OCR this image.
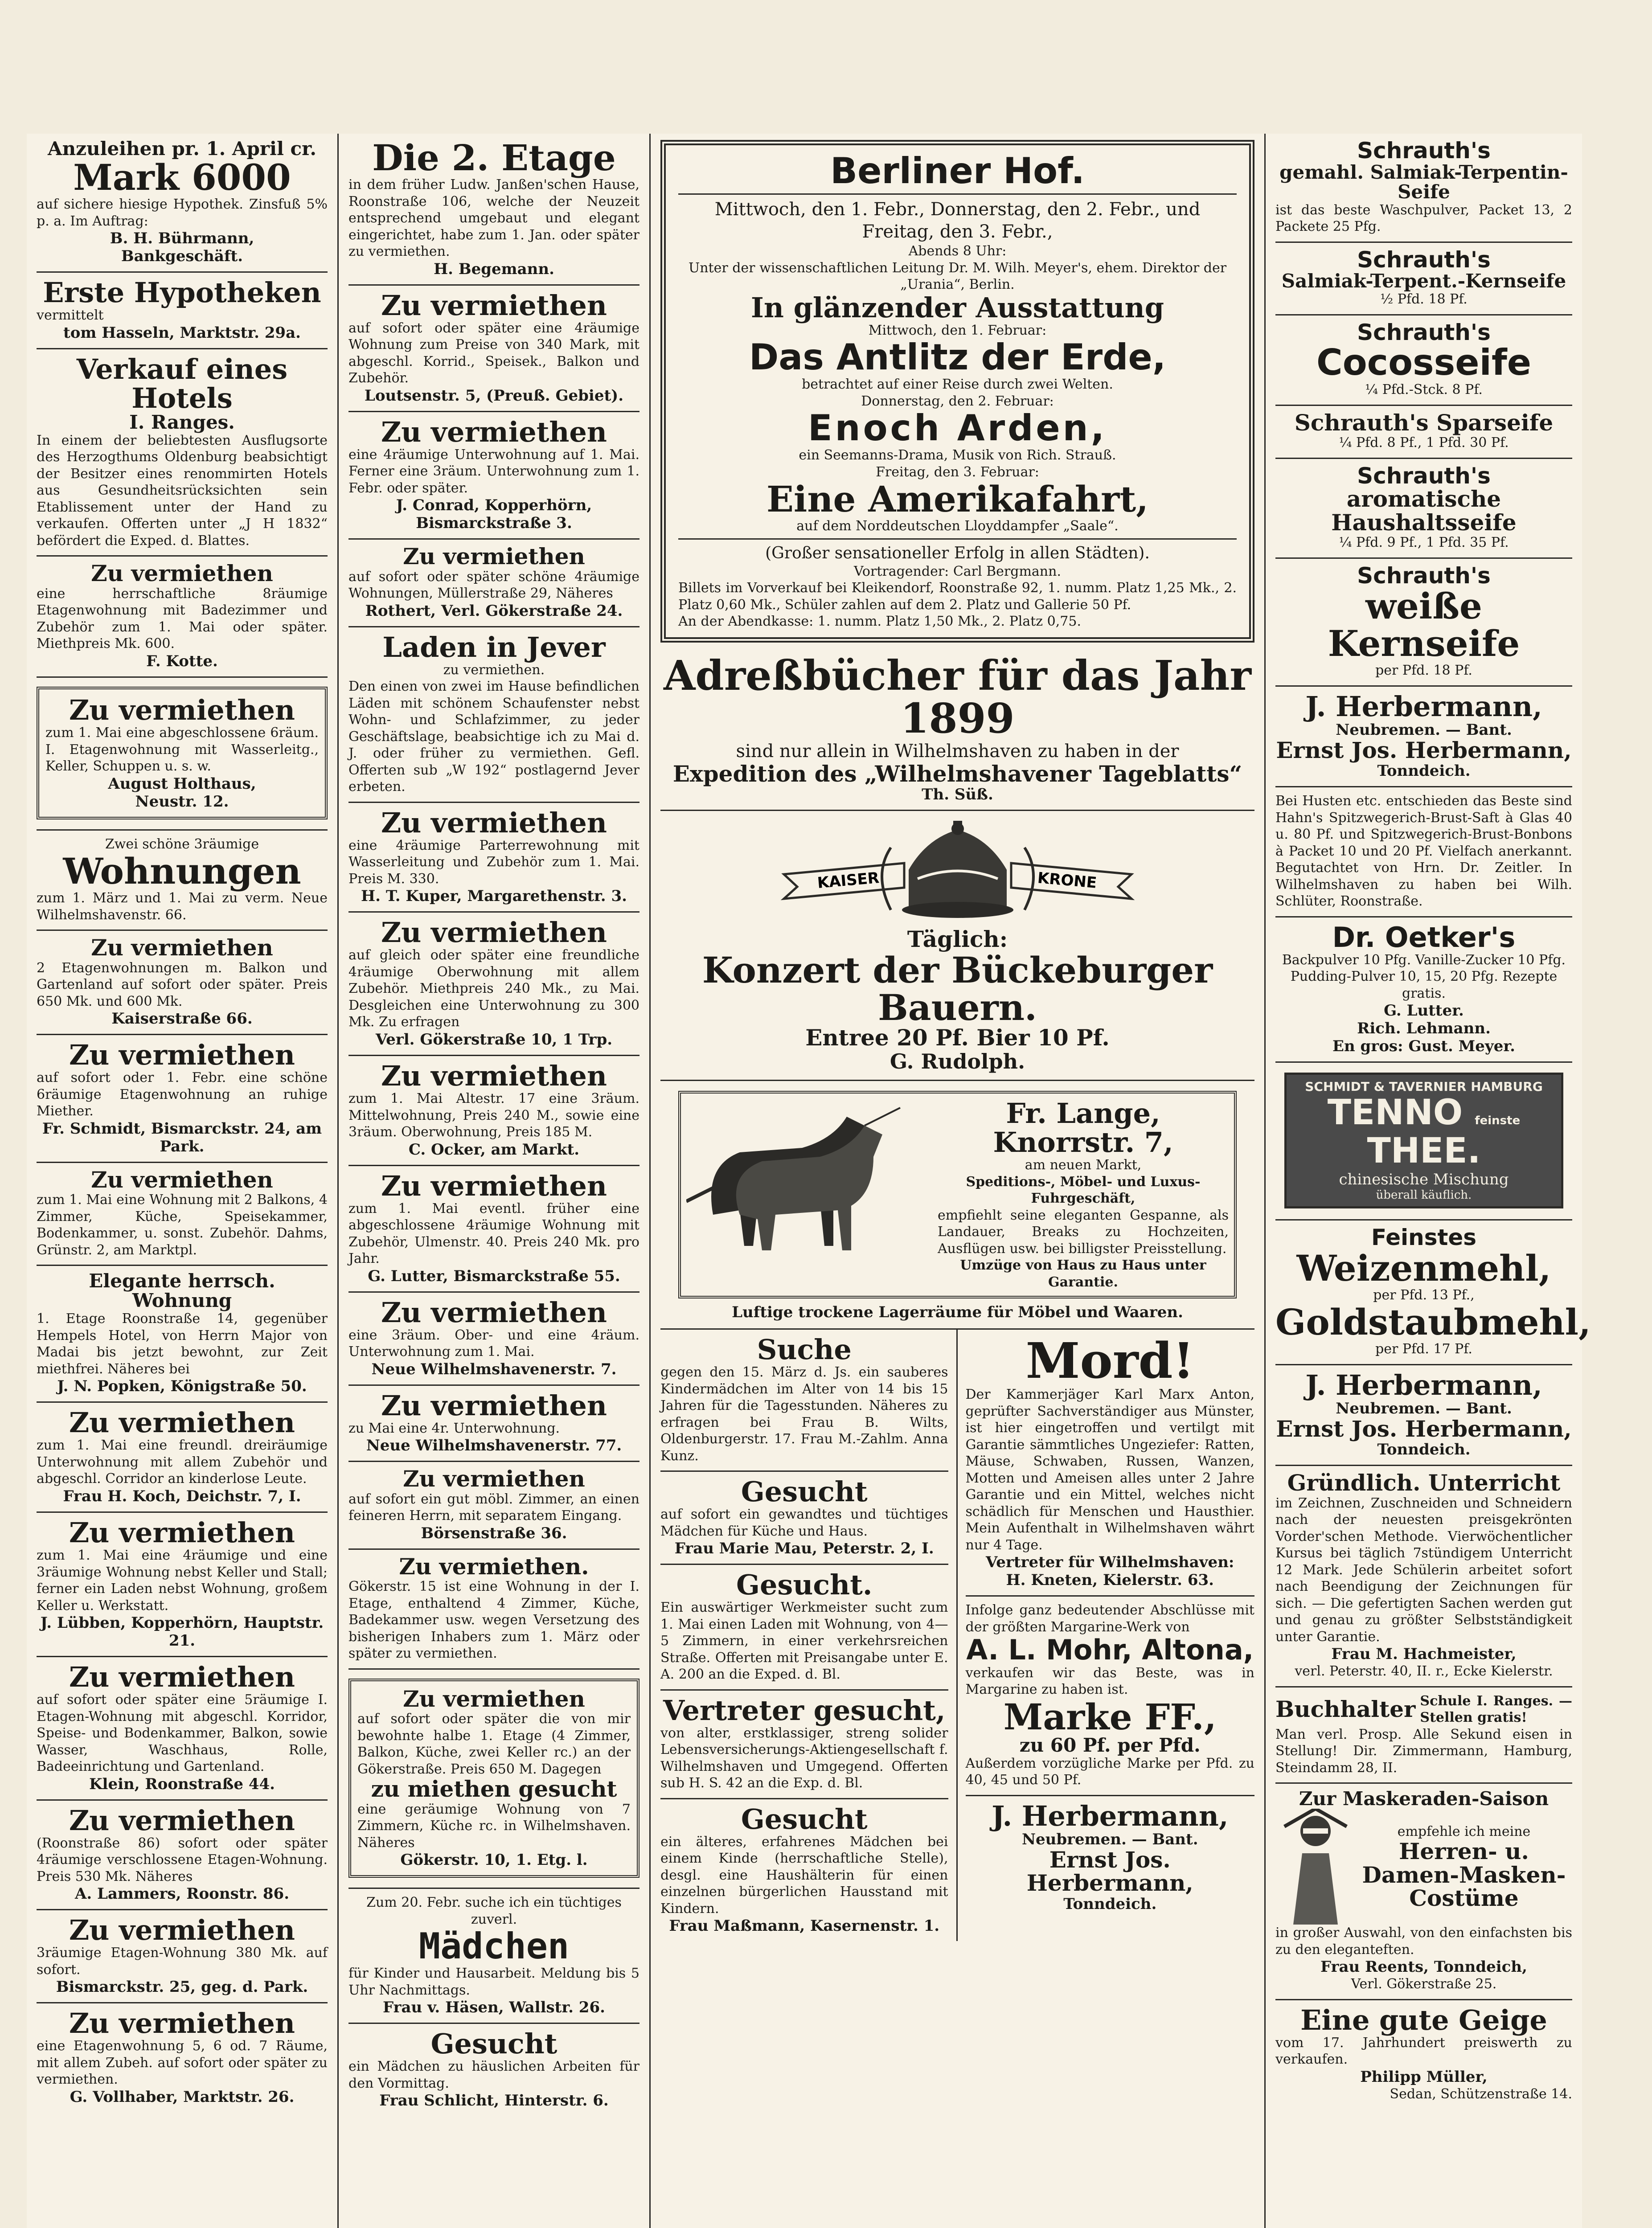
Anzuleihen pr. 1. April cr.
Mark 6000
auf sichere hiesige Hypothek. Zinsfuß 5% p. a. Im Auftrag:
B. H. Bührmann,
Bankgeschäft.
Erste Hypotheken
vermittelt
tom Hasseln, Marktstr. 29a.
Verkauf eines Hotels
I. Ranges.
In einem der beliebtesten Ausflugsorte des Herzogthums Oldenburg beabsichtigt der Besitzer eines renommirten Hotels aus Gesundheitsrücksichten sein Etablissement unter der Hand zu verkaufen. Offerten unter „J H 1832“ befördert die Exped. d. Blattes.
Zu vermiethen
eine herrschaftliche 8räumige Etagenwohnung mit Badezimmer und Zubehör zum 1. Mai oder später. Miethpreis Mk. 600.
F. Kotte.
Zu vermiethen
zum 1. Mai eine abgeschlossene 6räum. I. Etagenwohnung mit Wasserleitg., Keller, Schuppen u. s. w.
August Holthaus,
Neustr. 12.
Zwei schöne 3räumige
Wohnungen
zum 1. März und 1. Mai zu verm. Neue Wilhelmshavenstr. 66.
Zu vermiethen
2 Etagenwohnungen m. Balkon und Gartenland auf sofort oder später. Preis 650 Mk. und 600 Mk.
Kaiserstraße 66.
Zu vermiethen
auf sofort oder 1. Febr. eine schöne 6räumige Etagenwohnung an ruhige Miether.
Fr. Schmidt, Bismarckstr. 24, am Park.
Zu vermiethen
zum 1. Mai eine Wohnung mit 2 Balkons, 4 Zimmer, Küche, Speisekammer, Bodenkammer, u. sonst. Zubehör. Dahms, Grünstr. 2, am Marktpl.
Elegante herrsch. Wohnung
1. Etage Roonstraße 14, gegenüber Hempels Hotel, von Herrn Major von Madai bis jetzt bewohnt, zur Zeit miethfrei. Näheres bei
J. N. Popken, Königstraße 50.
Zu vermiethen
zum 1. Mai eine freundl. dreiräumige Unterwohnung mit allem Zubehör und abgeschl. Corridor an kinderlose Leute.
Frau H. Koch, Deichstr. 7, I.
Zu vermiethen
zum 1. Mai eine 4räumige und eine 3räumige Wohnung nebst Keller und Stall; ferner ein Laden nebst Wohnung, großem Keller u. Werkstatt.
J. Lübben, Kopperhörn, Hauptstr. 21.
Zu vermiethen
auf sofort oder später eine 5räumige I. Etagen-Wohnung mit abgeschl. Korridor, Speise- und Bodenkammer, Balkon, sowie Wasser, Waschhaus, Rolle, Badeeinrichtung und Gartenland.
Klein, Roonstraße 44.
Zu vermiethen
(Roonstraße 86) sofort oder später 4räumige verschlossene Etagen-Wohnung. Preis 530 Mk. Näheres
A. Lammers, Roonstr. 86.
Zu vermiethen
3räumige Etagen-Wohnung 380 Mk. auf sofort.
Bismarckstr. 25, geg. d. Park.
Zu vermiethen
eine Etagenwohnung 5, 6 od. 7 Räume, mit allem Zubeh. auf sofort oder später zu vermiethen.
G. Vollhaber, Marktstr. 26.
Die 2. Etage
in dem früher Ludw. Janßen'schen Hause, Roonstraße 106, welche der Neuzeit entsprechend umgebaut und elegant eingerichtet, habe zum 1. Jan. oder später zu vermiethen.
H. Begemann.
Zu vermiethen
auf sofort oder später eine 4räumige Wohnung zum Preise von 340 Mark, mit abgeschl. Korrid., Speisek., Balkon und Zubehör.
Loutsenstr. 5, (Preuß. Gebiet).
Zu vermiethen
eine 4räumige Unterwohnung auf 1. Mai. Ferner eine 3räum. Unterwohnung zum 1. Febr. oder später.
J. Conrad, Kopperhörn, Bismarckstraße 3.
Zu vermiethen
auf sofort oder später schöne 4räumige Wohnungen, Müllerstraße 29, Näheres
Rothert, Verl. Gökerstraße 24.
Laden in Jever
zu vermiethen.
Den einen von zwei im Hause befindlichen Läden mit schönem Schaufenster nebst Wohn- und Schlafzimmer, zu jeder Geschäftslage, beabsichtige ich zu Mai d. J. oder früher zu vermiethen. Gefl. Offerten sub „W 192“ postlagernd Jever erbeten.
Zu vermiethen
eine 4räumige Parterrewohnung mit Wasserleitung und Zubehör zum 1. Mai. Preis M. 330.
H. T. Kuper, Margarethenstr. 3.
Zu vermiethen
auf gleich oder später eine freundliche 4räumige Oberwohnung mit allem Zubehör. Miethpreis 240 Mk., zu Mai. Desgleichen eine Unterwohnung zu 300 Mk. Zu erfragen
Verl. Gökerstraße 10, 1 Trp.
Zu vermiethen
zum 1. Mai Altestr. 17 eine 3räum. Mittelwohnung, Preis 240 M., sowie eine 3räum. Oberwohnung, Preis 185 M.
C. Ocker, am Markt.
Zu vermiethen
zum 1. Mai eventl. früher eine abgeschlossene 4räumige Wohnung mit Zubehör, Ulmenstr. 40. Preis 240 Mk. pro Jahr.
G. Lutter, Bismarckstraße 55.
Zu vermiethen
eine 3räum. Ober- und eine 4räum. Unterwohnung zum 1. Mai.
Neue Wilhelmshavenerstr. 7.
Zu vermiethen
zu Mai eine 4r. Unterwohnung.
Neue Wilhelmshavenerstr. 77.
Zu vermiethen
auf sofort ein gut möbl. Zimmer, an einen feineren Herrn, mit separatem Eingang.
Börsenstraße 36.
Zu vermiethen.
Gökerstr. 15 ist eine Wohnung in der I. Etage, enthaltend 4 Zimmer, Küche, Badekammer usw. wegen Versetzung des bisherigen Inhabers zum 1. März oder später zu vermiethen.
Zu vermiethen
auf sofort oder später die von mir bewohnte halbe 1. Etage (4 Zimmer, Balkon, Küche, zwei Keller rc.) an der Gökerstraße. Preis 650 M. Dagegen
zu miethen gesucht
eine geräumige Wohnung von 7 Zimmern, Küche rc. in Wilhelmshaven. Näheres
Gökerstr. 10, 1. Etg. l.
Zum 20. Febr. suche ich ein tüchtiges zuverl.
Mädchen
für Kinder und Hausarbeit. Meldung bis 5 Uhr Nachmittags.
Frau v. Häsen, Wallstr. 26.
Gesucht
ein Mädchen zu häuslichen Arbeiten für den Vormittag.
Frau Schlicht, Hinterstr. 6.
Berliner Hof.
Mittwoch, den 1. Febr., Donnerstag, den 2. Febr., und Freitag, den 3. Febr.,
Abends 8 Uhr:
Unter der wissenschaftlichen Leitung Dr. M. Wilh. Meyer's, ehem. Direktor der „Urania“, Berlin.
In glänzender Ausstattung
Mittwoch, den 1. Februar:
Das Antlitz der Erde,
betrachtet auf einer Reise durch zwei Welten.
Donnerstag, den 2. Februar:
Enoch Arden,
ein Seemanns-Drama, Musik von Rich. Strauß.
Freitag, den 3. Februar:
Eine Amerikafahrt,
auf dem Norddeutschen Lloyddampfer „Saale“.
(Großer sensationeller Erfolg in allen Städten).
Vortragender: Carl Bergmann.
Billets im Vorverkauf bei Kleikendorf, Roonstraße 92, 1. numm. Platz 1,25 Mk., 2. Platz 0,60 Mk., Schüler zahlen auf dem 2. Platz und Gallerie 50 Pf.
An der Abendkasse: 1. numm. Platz 1,50 Mk., 2. Platz 0,75.
Adreßbücher für das Jahr 1899
sind nur allein in Wilhelmshaven zu haben in der
Expedition des „Wilhelmshavener Tageblatts“
Th. Süß.
KAISER	KRONE
Täglich:
Konzert der Bückeburger Bauern.
Entree 20 Pf. Bier 10 Pf.
G. Rudolph.
Fr. Lange, Knorrstr. 7,
am neuen Markt,
Speditions-, Möbel- und Luxus-Fuhrgeschäft,
empfiehlt seine eleganten Gespanne, als Landauer, Breaks zu Hochzeiten, Ausflügen usw. bei billigster Preisstellung.
Umzüge von Haus zu Haus unter Garantie.
Luftige trockene Lagerräume für Möbel und Waaren.
Suche
gegen den 15. März d. Js. ein sauberes Kindermädchen im Alter von 14 bis 15 Jahren für die Tagesstunden. Näheres zu erfragen bei Frau B. Wilts, Oldenburgerstr. 17. Frau M.-Zahlm. Anna Kunz.
Gesucht
auf sofort ein gewandtes und tüchtiges Mädchen für Küche und Haus.
Frau Marie Mau, Peterstr. 2, I.
Gesucht.
Ein auswärtiger Werkmeister sucht zum 1. Mai einen Laden mit Wohnung, von 4—5 Zimmern, in einer verkehrsreichen Straße. Offerten mit Preisangabe unter E. A. 200 an die Exped. d. Bl.
Vertreter gesucht,
von alter, erstklassiger, streng solider Lebensversicherungs-Aktiengesellschaft f. Wilhelmshaven und Umgegend. Offerten sub H. S. 42 an die Exp. d. Bl.
Gesucht
ein älteres, erfahrenes Mädchen bei einem Kinde (herrschaftliche Stelle), desgl. eine Haushälterin für einen einzelnen bürgerlichen Hausstand mit Kindern.
Frau Maßmann, Kasernenstr. 1.
Mord!
Der Kammerjäger Karl Marx Anton, geprüfter Sachverständiger aus Münster, ist hier eingetroffen und vertilgt mit Garantie sämmtliches Ungeziefer: Ratten, Mäuse, Schwaben, Russen, Wanzen, Motten und Ameisen alles unter 2 Jahre Garantie und ein Mittel, welches nicht schädlich für Menschen und Hausthier. Mein Aufenthalt in Wilhelmshaven währt nur 4 Tage.
Vertreter für Wilhelmshaven:
H. Kneten, Kielerstr. 63.
Infolge ganz bedeutender Abschlüsse mit der größten Margarine-Werk von
A. L. Mohr, Altona,
verkaufen wir das Beste, was in Margarine zu haben ist.
Marke FF.,
zu 60 Pf. per Pfd.
Außerdem vorzügliche Marke per Pfd. zu 40, 45 und 50 Pf.
J. Herbermann,
Neubremen. — Bant.
Ernst Jos. Herbermann,
Tonndeich.
Schrauth's
gemahl. Salmiak-Terpentin-Seife
ist das beste Waschpulver, Packet 13, 2 Packete 25 Pfg.
Schrauth's
Salmiak-Terpent.-Kernseife
½ Pfd. 18 Pf.
Schrauth's
Cocosseife
¼ Pfd.-Stck. 8 Pf.
Schrauth's Sparseife
¼ Pfd. 8 Pf., 1 Pfd. 30 Pf.
Schrauth's
aromatische Haushaltsseife
¼ Pfd. 9 Pf., 1 Pfd. 35 Pf.
Schrauth's
weiße Kernseife
per Pfd. 18 Pf.
J. Herbermann,
Neubremen. — Bant.
Ernst Jos. Herbermann,
Tonndeich.
Bei Husten etc. entschieden das Beste sind Hahn's Spitzwegerich-Brust-Saft à Glas 40 u. 80 Pf. und Spitzwegerich-Brust-Bonbons à Packet 10 und 20 Pf. Vielfach anerkannt. Begutachtet von Hrn. Dr. Zeitler. In Wilhelmshaven zu haben bei Wilh. Schlüter, Roonstraße.
Dr. Oetker's
Backpulver 10 Pfg. Vanille-Zucker 10 Pfg. Pudding-Pulver 10, 15, 20 Pfg. Rezepte gratis.
G. Lutter.
Rich. Lehmann.
En gros: Gust. Meyer.
SCHMIDT & TAVERNIER HAMBURG
TENNO feinste THEE.
chinesische Mischung
überall käuflich.
Feinstes
Weizenmehl,
per Pfd. 13 Pf.,
Goldstaubmehl,
per Pfd. 17 Pf.
J. Herbermann,
Neubremen. — Bant.
Ernst Jos. Herbermann,
Tonndeich.
Gründlich. Unterricht
im Zeichnen, Zuschneiden und Schneidern nach der neuesten preisgekrönten Vorder'schen Methode. Vierwöchentlicher Kursus bei täglich 7stündigem Unterricht 12 Mark. Jede Schülerin arbeitet sofort nach Beendigung der Zeichnungen für sich. — Die gefertigten Sachen werden gut und genau zu größter Selbstständigkeit unter Garantie.
Frau M. Hachmeister,
verl. Peterstr. 40, II. r., Ecke Kielerstr.
Buchhalter Schule I. Ranges. — Stellen gratis!
Man verl. Prosp. Alle Sekund eisen in Stellung! Dir. Zimmermann, Hamburg, Steindamm 28, II.
Zur Maskeraden-Saison
empfehle ich meine
Herren- u. Damen-Masken-Costüme
in großer Auswahl, von den einfachsten bis zu den eleganteften.
Frau Reents, Tonndeich,
Verl. Gökerstraße 25.
Eine gute Geige
vom 17. Jahrhundert preiswerth zu verkaufen.
Philipp Müller,
Sedan, Schützenstraße 14.
